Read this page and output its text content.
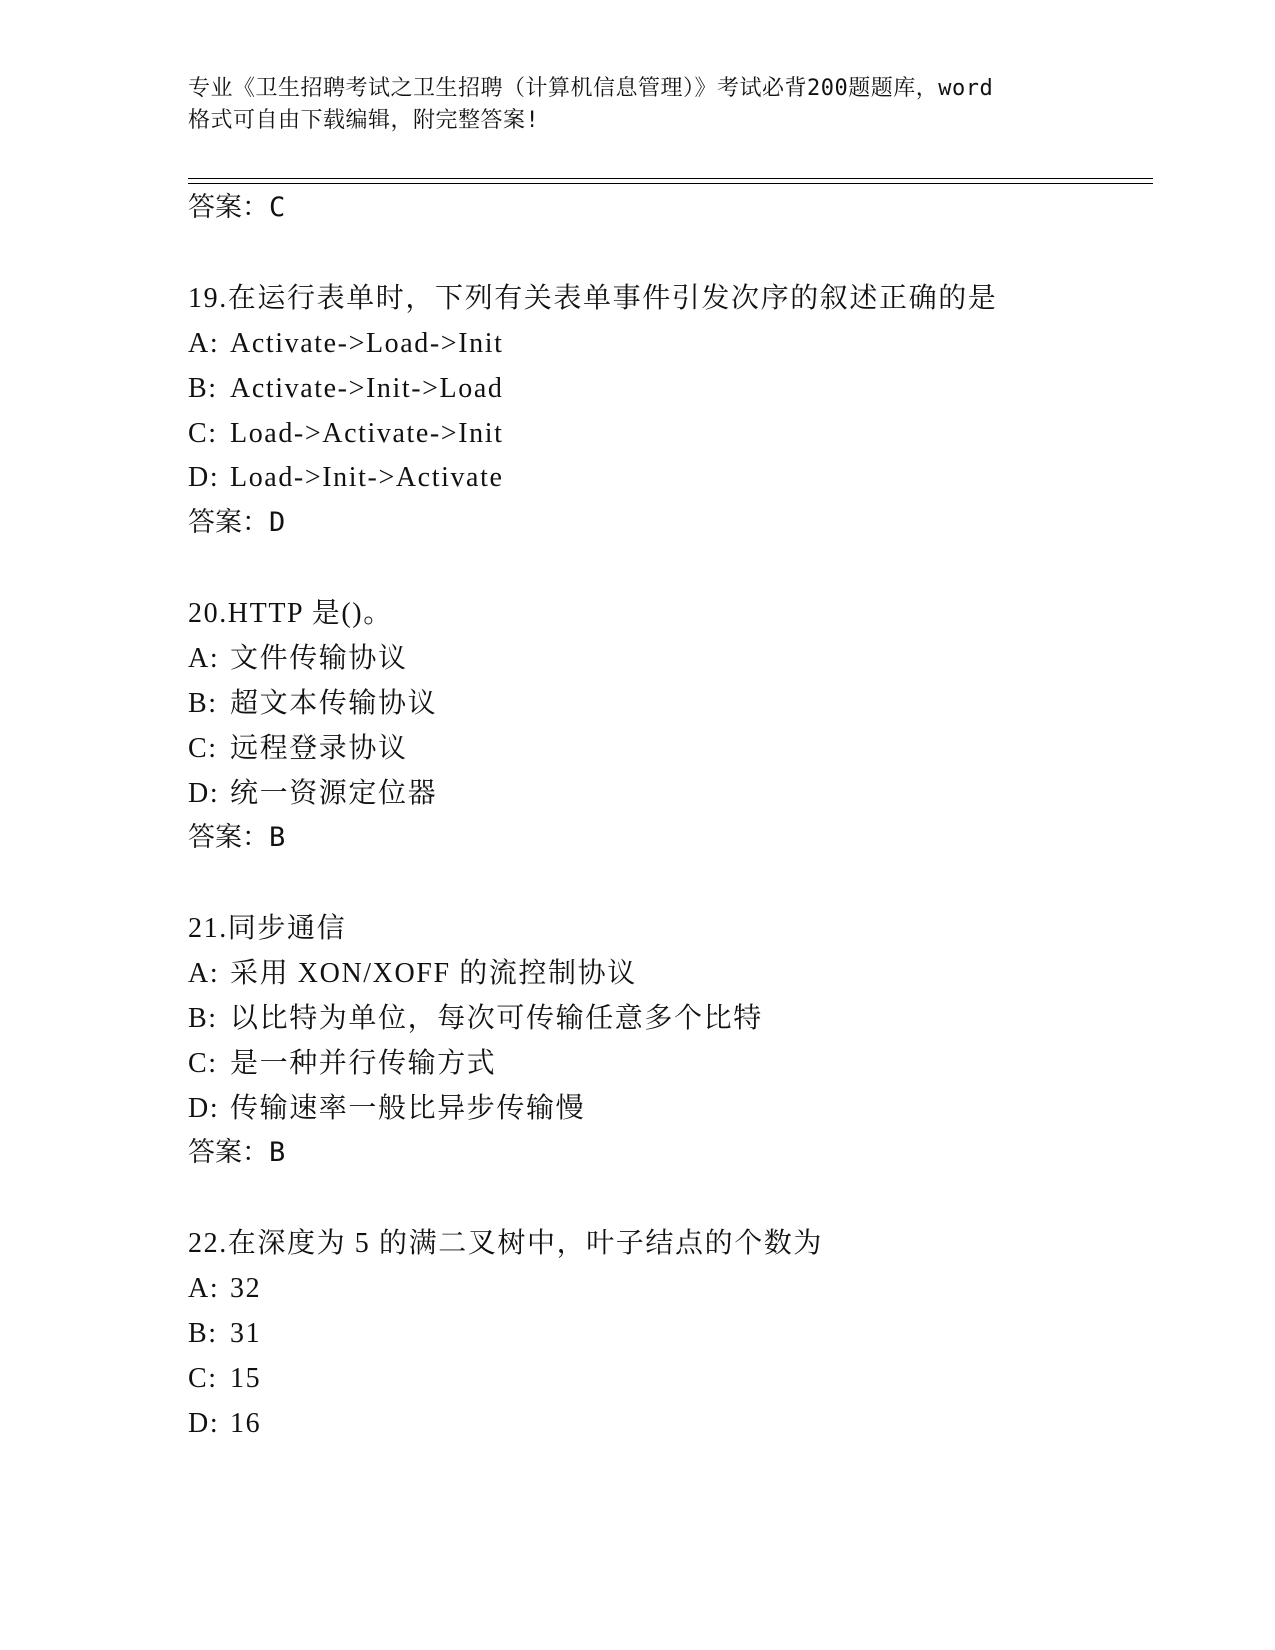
专业《卫生招聘考试之卫生招聘（计算机信息管理）》考试必背200题题库，word
格式可自由下载编辑，附完整答案!
答案：C
19.在运行表单时，下列有关表单事件引发次序的叙述正确的是
A: Activate->Load->Init
B: Activate->Init->Load
C: Load->Activate->Init
D: Load->Init->Activate
答案：D
20.HTTP 是()。
A: 文件传输协议
B: 超文本传输协议
C: 远程登录协议
D: 统一资源定位器
答案：B
21.同步通信
A: 采用 XON/XOFF 的流控制协议
B: 以比特为单位，每次可传输任意多个比特
C: 是一种并行传输方式
D: 传输速率一般比异步传输慢
答案：B
22.在深度为 5 的满二叉树中，叶子结点的个数为
A: 32
B: 31
C: 15
D: 16
